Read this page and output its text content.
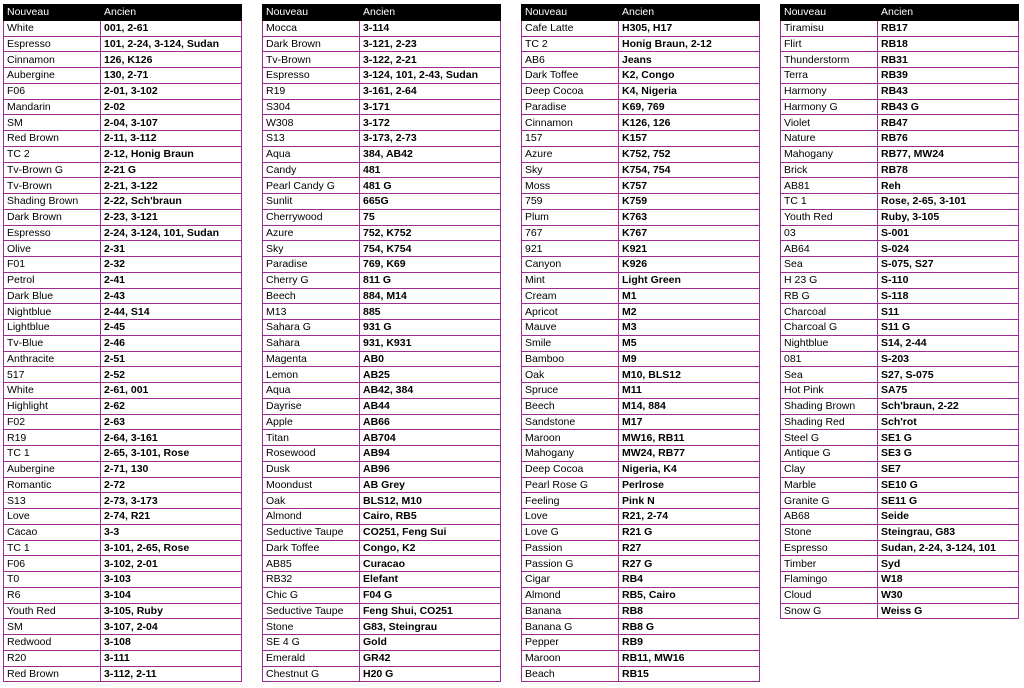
Nouveau	Ancien
White	001, 2-61
Espresso	101, 2-24, 3-124, Sudan
Cinnamon	126, K126
Aubergine	130, 2-71
F06	2-01, 3-102
Mandarin	2-02
SM	2-04, 3-107
Red Brown	2-11, 3-112
TC 2	2-12, Honig Braun
Tv-Brown G	2-21 G
Tv-Brown	2-21, 3-122
Shading Brown	2-22, Sch'braun
Dark Brown	2-23, 3-121
Espresso	2-24, 3-124, 101, Sudan
Olive	2-31
F01	2-32
Petrol	2-41
Dark Blue	2-43
Nightblue	2-44, S14
Lightblue	2-45
Tv-Blue	2-46
Anthracite	2-51
517	2-52
White	2-61, 001
Highlight	2-62
F02	2-63
R19	2-64, 3-161
TC 1	2-65, 3-101, Rose
Aubergine	2-71, 130
Romantic	2-72
S13	2-73, 3-173
Love	2-74, R21
Cacao	3-3
TC 1	3-101, 2-65, Rose
F06	3-102, 2-01
T0	3-103
R6	3-104
Youth Red	3-105, Ruby
SM	3-107, 2-04
Redwood	3-108
R20	3-111
Red Brown	3-112, 2-11
Nouveau	Ancien
Mocca	3-114
Dark Brown	3-121, 2-23
Tv-Brown	3-122, 2-21
Espresso	3-124, 101, 2-43, Sudan
R19	3-161, 2-64
S304	3-171
W308	3-172
S13	3-173, 2-73
Aqua	384, AB42
Candy	481
Pearl Candy G	481 G
Sunlit	665G
Cherrywood	75
Azure	752, K752
Sky	754, K754
Paradise	769, K69
Cherry G	811 G
Beech	884, M14
M13	885
Sahara G	931 G
Sahara	931, K931
Magenta	AB0
Lemon	AB25
Aqua	AB42, 384
Dayrise	AB44
Apple	AB66
Titan	AB704
Rosewood	AB94
Dusk	AB96
Moondust	AB Grey
Oak	BLS12, M10
Almond	Cairo, RB5
Seductive Taupe	CO251, Feng Sui
Dark Toffee	Congo, K2
AB85	Curacao
RB32	Elefant
Chic G	F04 G
Seductive Taupe	Feng Shui, CO251
Stone	G83, Steingrau
SE 4 G	Gold
Emerald	GR42
Chestnut G	H20 G
Nouveau	Ancien
Cafe Latte	H305, H17
TC 2	Honig Braun, 2-12
AB6	Jeans
Dark Toffee	K2, Congo
Deep Cocoa	K4, Nigeria
Paradise	K69, 769
Cinnamon	K126, 126
157	K157
Azure	K752, 752
Sky	K754, 754
Moss	K757
759	K759
Plum	K763
767	K767
921	K921
Canyon	K926
Mint	Light Green
Cream	M1
Apricot	M2
Mauve	M3
Smile	M5
Bamboo	M9
Oak	M10, BLS12
Spruce	M11
Beech	M14, 884
Sandstone	M17
Maroon	MW16, RB11
Mahogany	MW24, RB77
Deep Cocoa	Nigeria, K4
Pearl Rose G	Perlrose
Feeling	Pink N
Love	R21, 2-74
Love G	R21 G
Passion	R27
Passion G	R27 G
Cigar	RB4
Almond	RB5, Cairo
Banana	RB8
Banana G	RB8 G
Pepper	RB9
Maroon	RB11, MW16
Beach	RB15
Nouveau	Ancien
Tiramisu	RB17
Flirt	RB18
Thunderstorm	RB31
Terra	RB39
Harmony	RB43
Harmony G	RB43 G
Violet	RB47
Nature	RB76
Mahogany	RB77, MW24
Brick	RB78
AB81	Reh
TC 1	Rose, 2-65, 3-101
Youth Red	Ruby, 3-105
03	S-001
AB64	S-024
Sea	S-075, S27
H 23 G	S-110
RB G	S-118
Charcoal	S11
Charcoal G	S11 G
Nightblue	S14, 2-44
081	S-203
Sea	S27, S-075
Hot Pink	SA75
Shading Brown	Sch'braun, 2-22
Shading Red	Sch'rot
Steel G	SE1 G
Antique G	SE3 G
Clay	SE7
Marble	SE10 G
Granite G	SE11 G
AB68	Seide
Stone	Steingrau, G83
Espresso	Sudan, 2-24, 3-124, 101
Timber	Syd
Flamingo	W18
Cloud	W30
Snow G	Weiss G
